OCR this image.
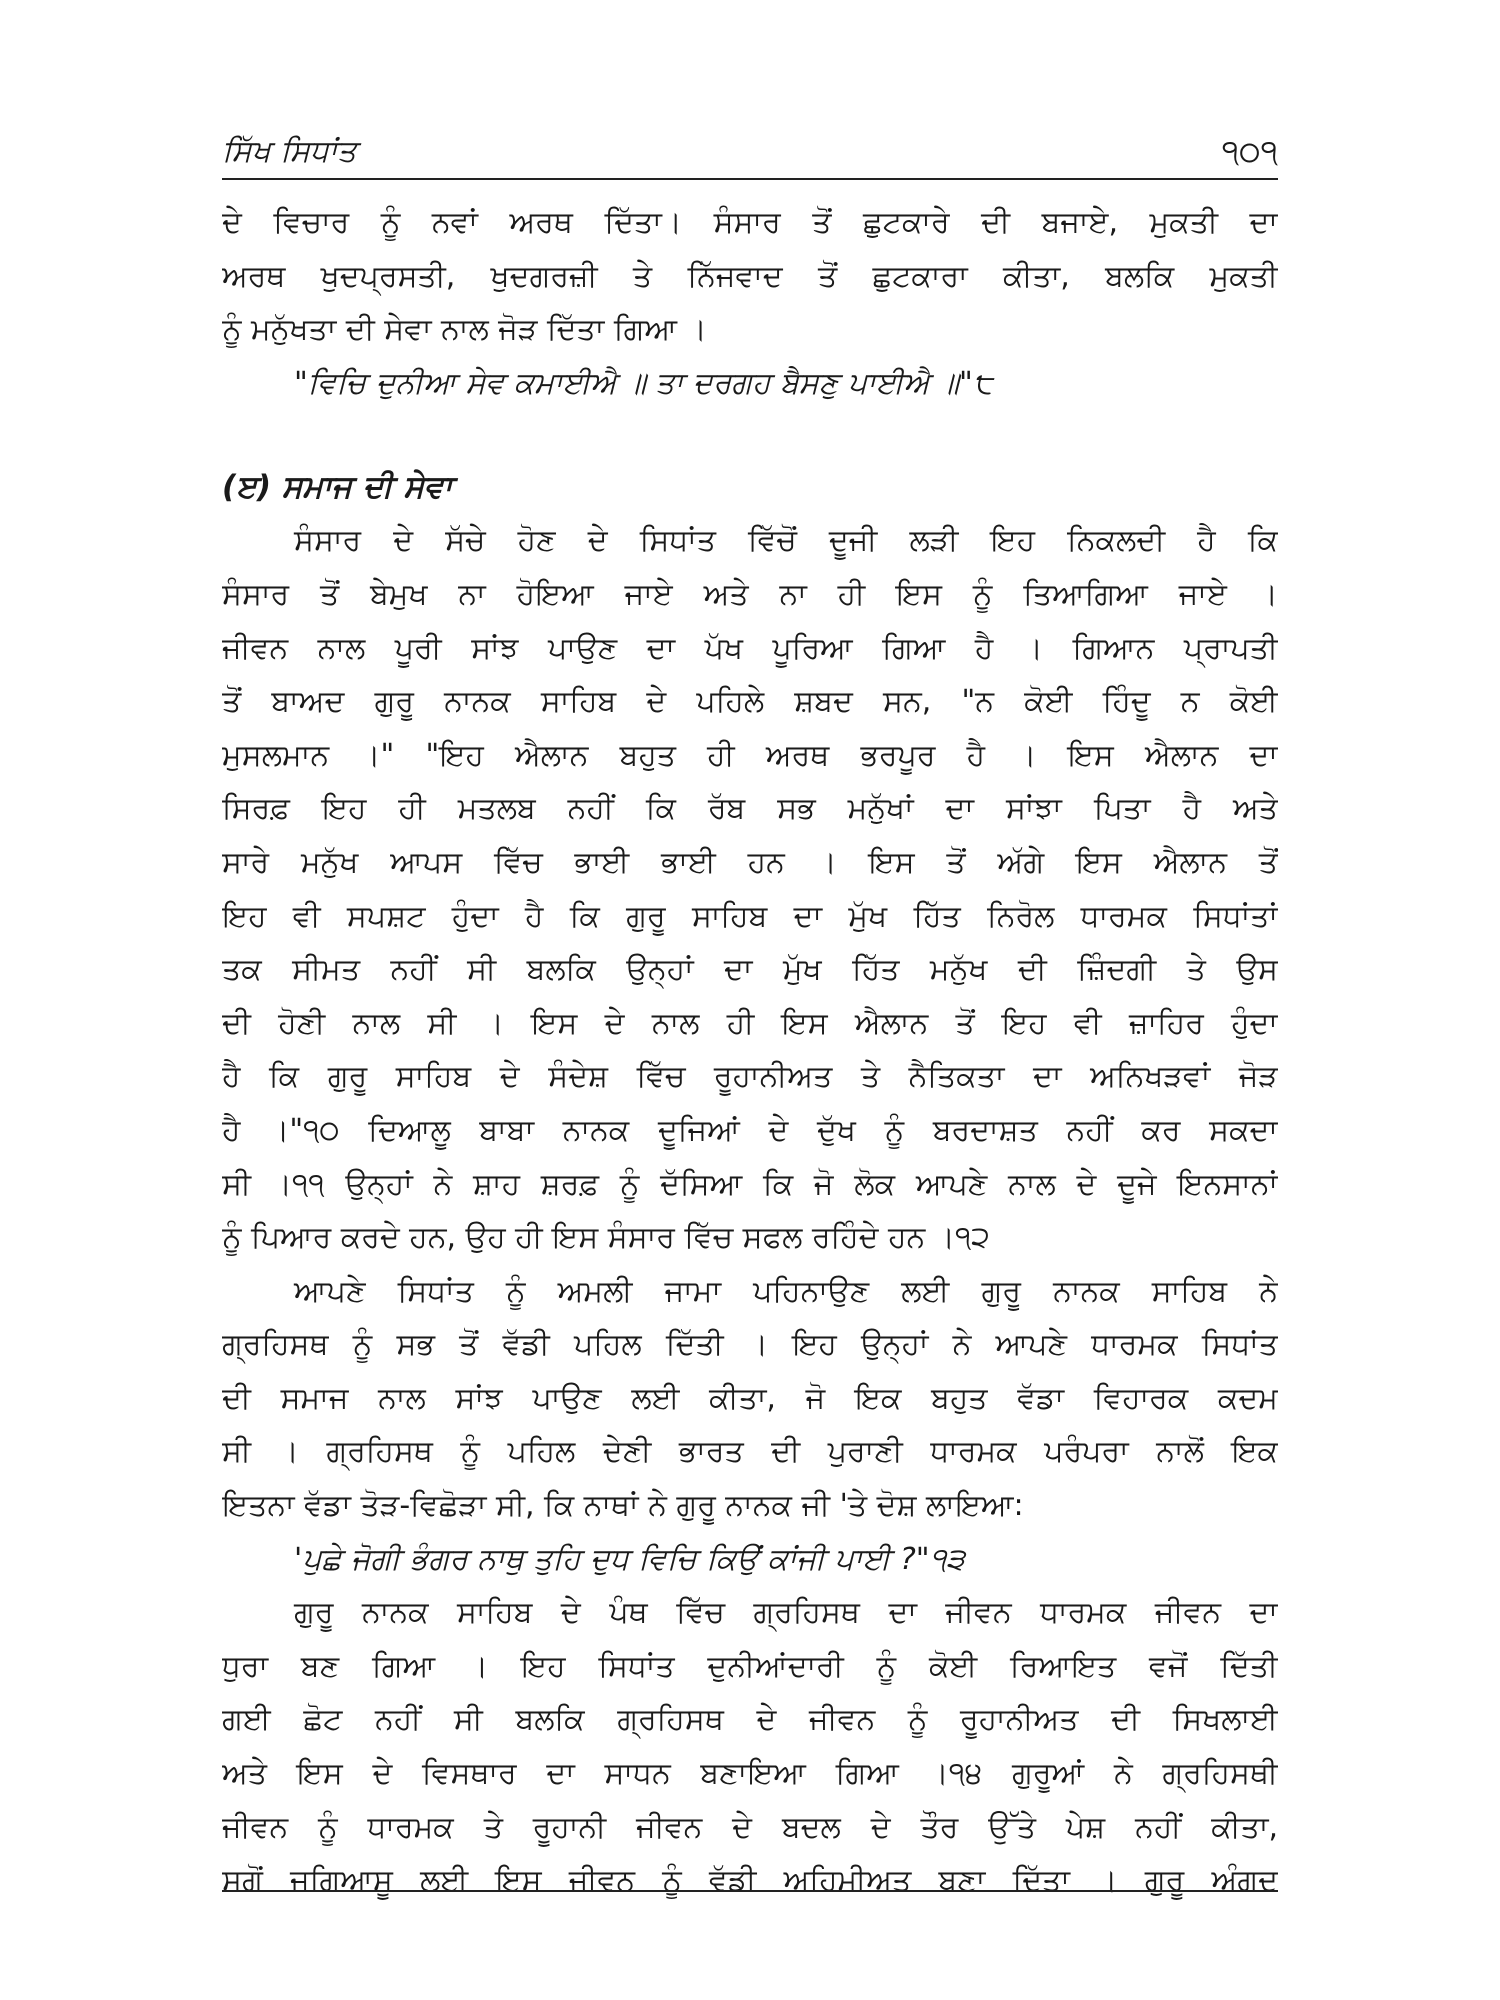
ਸਿੱਖ ਸਿਧਾਂਤ	੧੦੧
ਦੇ ਵਿਚਾਰ ਨੂੰ ਨਵਾਂ ਅਰਥ ਦਿੱਤਾ। ਸੰਸਾਰ ਤੋਂ ਛੁਟਕਾਰੇ ਦੀ ਬਜਾਏ, ਮੁਕਤੀ ਦਾ
ਅਰਥ ਖੁਦਪ੍ਰਸਤੀ, ਖੁਦਗਰਜ਼ੀ ਤੇ ਨਿੱਜਵਾਦ ਤੋਂ ਛੁਟਕਾਰਾ ਕੀਤਾ, ਬਲਕਿ ਮੁਕਤੀ
ਨੂੰ ਮਨੁੱਖਤਾ ਦੀ ਸੇਵਾ ਨਾਲ ਜੋੜ ਦਿੱਤਾ ਗਿਆ ।
"ਵਿਚਿ ਦੁਨੀਆ ਸੇਵ ਕਮਾਈਐ ॥ ਤਾ ਦਰਗਹ ਬੈਸਣੁ ਪਾਈਐ ॥"੮
(ੲ) ਸਮਾਜ ਦੀ ਸੇਵਾ
ਸੰਸਾਰ ਦੇ ਸੱਚੇ ਹੋਣ ਦੇ ਸਿਧਾਂਤ ਵਿੱਚੋਂ ਦੂਜੀ ਲੜੀ ਇਹ ਨਿਕਲਦੀ ਹੈ ਕਿ
ਸੰਸਾਰ ਤੋਂ ਬੇਮੁਖ ਨਾ ਹੋਇਆ ਜਾਏ ਅਤੇ ਨਾ ਹੀ ਇਸ ਨੂੰ ਤਿਆਗਿਆ ਜਾਏ ।
ਜੀਵਨ ਨਾਲ ਪੂਰੀ ਸਾਂਝ ਪਾਉਣ ਦਾ ਪੱਖ ਪੂਰਿਆ ਗਿਆ ਹੈ । ਗਿਆਨ ਪ੍ਰਾਪਤੀ
ਤੋਂ ਬਾਅਦ ਗੁਰੂ ਨਾਨਕ ਸਾਹਿਬ ਦੇ ਪਹਿਲੇ ਸ਼ਬਦ ਸਨ, "ਨ ਕੋਈ ਹਿੰਦੂ ਨ ਕੋਈ
ਮੁਸਲਮਾਨ ।" "ਇਹ ਐਲਾਨ ਬਹੁਤ ਹੀ ਅਰਥ ਭਰਪੂਰ ਹੈ । ਇਸ ਐਲਾਨ ਦਾ
ਸਿਰਫ਼ ਇਹ ਹੀ ਮਤਲਬ ਨਹੀਂ ਕਿ ਰੱਬ ਸਭ ਮਨੁੱਖਾਂ ਦਾ ਸਾਂਝਾ ਪਿਤਾ ਹੈ ਅਤੇ
ਸਾਰੇ ਮਨੁੱਖ ਆਪਸ ਵਿੱਚ ਭਾਈ ਭਾਈ ਹਨ । ਇਸ ਤੋਂ ਅੱਗੇ ਇਸ ਐਲਾਨ ਤੋਂ
ਇਹ ਵੀ ਸਪਸ਼ਟ ਹੁੰਦਾ ਹੈ ਕਿ ਗੁਰੂ ਸਾਹਿਬ ਦਾ ਮੁੱਖ ਹਿੱਤ ਨਿਰੋਲ ਧਾਰਮਕ ਸਿਧਾਂਤਾਂ
ਤਕ ਸੀਮਤ ਨਹੀਂ ਸੀ ਬਲਕਿ ਉਨ੍ਹਾਂ ਦਾ ਮੁੱਖ ਹਿੱਤ ਮਨੁੱਖ ਦੀ ਜ਼ਿੰਦਗੀ ਤੇ ਉਸ
ਦੀ ਹੋਣੀ ਨਾਲ ਸੀ । ਇਸ ਦੇ ਨਾਲ ਹੀ ਇਸ ਐਲਾਨ ਤੋਂ ਇਹ ਵੀ ਜ਼ਾਹਿਰ ਹੁੰਦਾ
ਹੈ ਕਿ ਗੁਰੂ ਸਾਹਿਬ ਦੇ ਸੰਦੇਸ਼ ਵਿੱਚ ਰੂਹਾਨੀਅਤ ਤੇ ਨੈਤਿਕਤਾ ਦਾ ਅਨਿਖੜਵਾਂ ਜੋੜ
ਹੈ ।"੧੦ ਦਿਆਲੂ ਬਾਬਾ ਨਾਨਕ ਦੂਜਿਆਂ ਦੇ ਦੁੱਖ ਨੂੰ ਬਰਦਾਸ਼ਤ ਨਹੀਂ ਕਰ ਸਕਦਾ
ਸੀ ।੧੧ ਉਨ੍ਹਾਂ ਨੇ ਸ਼ਾਹ ਸ਼ਰਫ਼ ਨੂੰ ਦੱਸਿਆ ਕਿ ਜੋ ਲੋਕ ਆਪਣੇ ਨਾਲ ਦੇ ਦੂਜੇ ਇਨਸਾਨਾਂ
ਨੂੰ ਪਿਆਰ ਕਰਦੇ ਹਨ, ਉਹ ਹੀ ਇਸ ਸੰਸਾਰ ਵਿੱਚ ਸਫਲ ਰਹਿੰਦੇ ਹਨ ।੧੨
ਆਪਣੇ ਸਿਧਾਂਤ ਨੂੰ ਅਮਲੀ ਜਾਮਾ ਪਹਿਨਾਉਣ ਲਈ ਗੁਰੂ ਨਾਨਕ ਸਾਹਿਬ ਨੇ
ਗ੍ਰਹਿਸਥ ਨੂੰ ਸਭ ਤੋਂ ਵੱਡੀ ਪਹਿਲ ਦਿੱਤੀ । ਇਹ ਉਨ੍ਹਾਂ ਨੇ ਆਪਣੇ ਧਾਰਮਕ ਸਿਧਾਂਤ
ਦੀ ਸਮਾਜ ਨਾਲ ਸਾਂਝ ਪਾਉਣ ਲਈ ਕੀਤਾ, ਜੋ ਇਕ ਬਹੁਤ ਵੱਡਾ ਵਿਹਾਰਕ ਕਦਮ
ਸੀ । ਗ੍ਰਹਿਸਥ ਨੂੰ ਪਹਿਲ ਦੇਣੀ ਭਾਰਤ ਦੀ ਪੁਰਾਣੀ ਧਾਰਮਕ ਪਰੰਪਰਾ ਨਾਲੋਂ ਇਕ
ਇਤਨਾ ਵੱਡਾ ਤੋੜ-ਵਿਛੋੜਾ ਸੀ, ਕਿ ਨਾਥਾਂ ਨੇ ਗੁਰੂ ਨਾਨਕ ਜੀ 'ਤੇ ਦੋਸ਼ ਲਾਇਆ:
'ਪੁਛੇ ਜੋਗੀ ਭੰਗਰ ਨਾਥੁ ਤੁਹਿ ਦੁਧ ਵਿਚਿ ਕਿਉਂ ਕਾਂਜੀ ਪਾਈ ?"੧੩
ਗੁਰੂ ਨਾਨਕ ਸਾਹਿਬ ਦੇ ਪੰਥ ਵਿੱਚ ਗ੍ਰਹਿਸਥ ਦਾ ਜੀਵਨ ਧਾਰਮਕ ਜੀਵਨ ਦਾ
ਧੁਰਾ ਬਣ ਗਿਆ । ਇਹ ਸਿਧਾਂਤ ਦੁਨੀਆਂਦਾਰੀ ਨੂੰ ਕੋਈ ਰਿਆਇਤ ਵਜੋਂ ਦਿੱਤੀ
ਗਈ ਛੋਟ ਨਹੀਂ ਸੀ ਬਲਕਿ ਗ੍ਰਹਿਸਥ ਦੇ ਜੀਵਨ ਨੂੰ ਰੂਹਾਨੀਅਤ ਦੀ ਸਿਖਲਾਈ
ਅਤੇ ਇਸ ਦੇ ਵਿਸਥਾਰ ਦਾ ਸਾਧਨ ਬਣਾਇਆ ਗਿਆ ।੧੪ ਗੁਰੂਆਂ ਨੇ ਗ੍ਰਹਿਸਥੀ
ਜੀਵਨ ਨੂੰ ਧਾਰਮਕ ਤੇ ਰੂਹਾਨੀ ਜੀਵਨ ਦੇ ਬਦਲ ਦੇ ਤੌਰ ਉੱਤੇ ਪੇਸ਼ ਨਹੀਂ ਕੀਤਾ,
ਸਗੋਂ ਜਗਿਆਸੂ ਲਈ ਇਸ ਜੀਵਨ ਨੂੰ ਵੱਡੀ ਅਹਿਮੀਅਤ ਬਣਾ ਦਿੱਤਾ । ਗੁਰੂ ਅੰਗਦ
